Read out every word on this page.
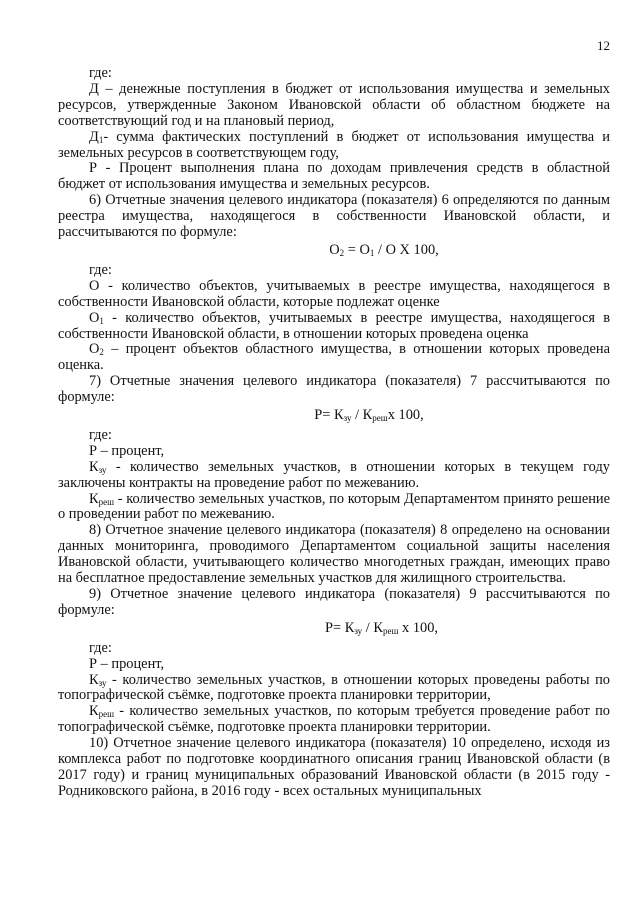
12

где:

Д – денежные поступления в бюджет от использования имущества и земельных ресурсов, утвержденные Законом Ивановской области об областном бюджете на соответствующий год и на плановый период,

$Д_1-$ сумма фактических поступлений в бюджет от использования имущества и земельных ресурсов в соответствующем году,

Р - Процент выполнения плана по доходам привлечения средств в областной бюджет от использования имущества и земельных ресурсов.

6) Отчетные значения целевого индикатора (показателя) 6 определяются по данным реестра имущества, находящегося в собственности Ивановской области, и рассчитываются по формуле:

$О_2 = О_1 / О$ Х 100,

где:

О - количество объектов, учитываемых в реестре имущества, находящегося в собственности Ивановской области, которые подлежат оценке

$О_1$ - количество объектов, учитываемых в реестре имущества, находящегося в собственности Ивановской области, в отношении которых проведена оценка

$О_2$ – процент объектов областного имущества, в отношении которых проведена оценка.

7) Отчетные значения целевого индикатора (показателя) 7 рассчитываются по формуле:

$Р= К_{зу} / К_{реш}х$ 100,

где:

Р – процент,

$К_{зу}$ - количество земельных участков, в отношении которых в текущем году заключены контракты на проведение работ по межеванию.

$К_{реш}$ - количество земельных участков, по которым Департаментом принято решение о проведении работ по межеванию.

8) Отчетное значение целевого индикатора (показателя) 8 определено на основании данных мониторинга, проводимого Департаментом социальной защиты населения Ивановской области, учитывающего количество многодетных граждан, имеющих право на бесплатное предоставление земельных участков для жилищного строительства.

9) Отчетное значение целевого индикатора (показателя) 9 рассчитываются по формуле:

$Р= К_{зу} / К_{реш}$ х 100,

где:

Р – процент,

$К_{зу}$ - количество земельных участков, в отношении которых проведены работы по топографической съёмке, подготовке проекта планировки территории,

$К_{реш}$ - количество земельных участков, по которым требуется проведение работ по топографической съёмке, подготовке проекта планировки территории.

10) Отчетное значение целевого индикатора (показателя) 10 определено, исходя из комплекса работ по подготовке координатного описания границ Ивановской области (в 2017 году) и границ муниципальных образований Ивановской области (в 2015 году - Родниковского района, в 2016 году - всех остальных муниципальных
